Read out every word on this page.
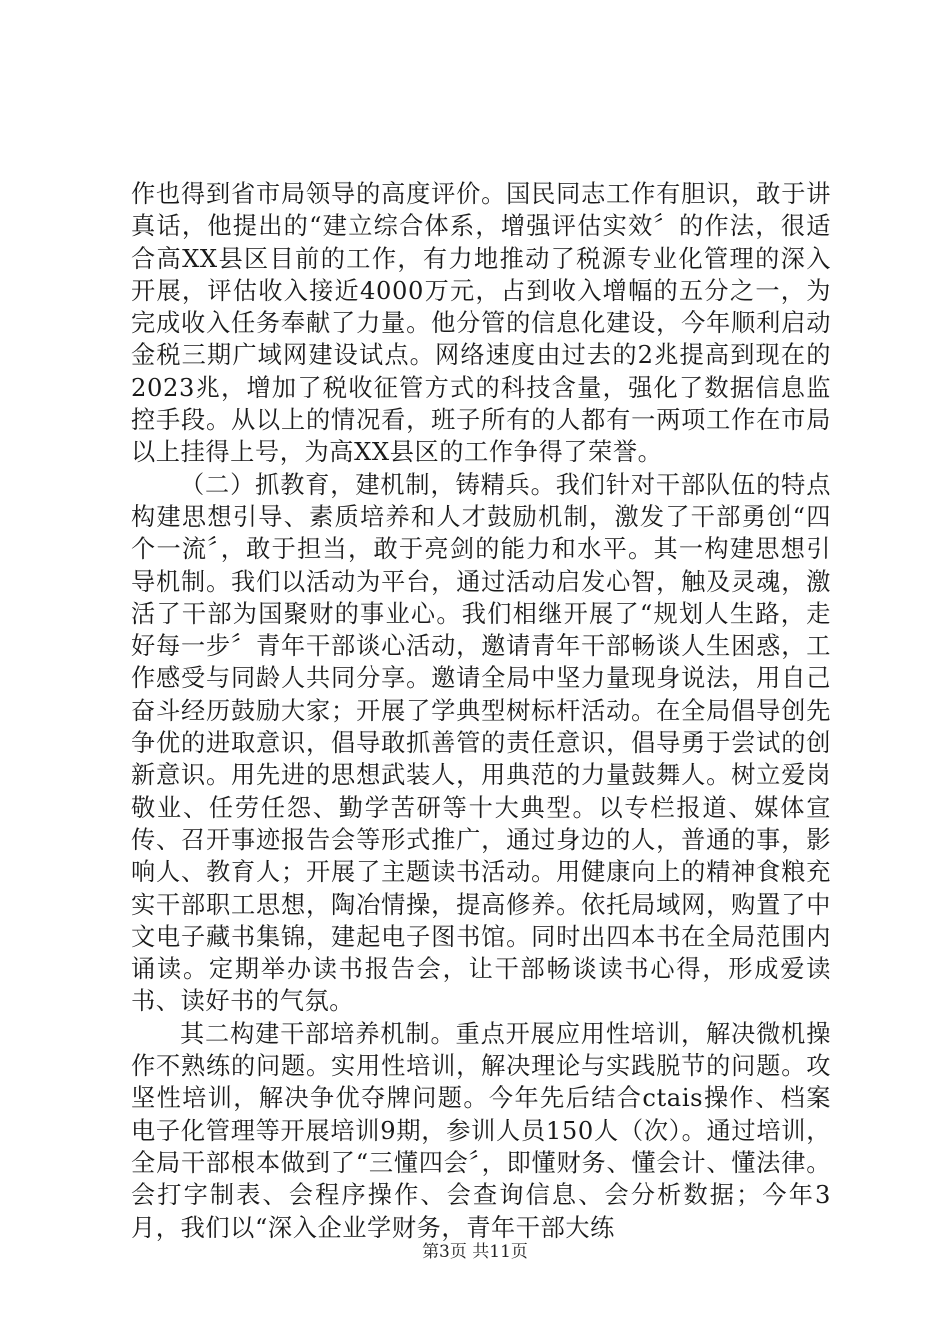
作也得到省市局领导的高度评价。国民同志工作有胆识，敢于讲真话，他提出的“建立综合体系，增强评估实效〞的作法，很适合高XX县区目前的工作，有力地推动了税源专业化管理的深入开展，评估收入接近4000万元，占到收入增幅的五分之一，为完成收入任务奉献了力量。他分管的信息化建设，今年顺利启动金税三期广域网建设试点。网络速度由过去的2兆提高到现在的2023兆，增加了税收征管方式的科技含量，强化了数据信息监控手段。从以上的情况看，班子所有的人都有一两项工作在市局以上挂得上号，为高XX县区的工作争得了荣誉。

（二）抓教育，建机制，铸精兵。我们针对干部队伍的特点构建思想引导、素质培养和人才鼓励机制，激发了干部勇创“四个一流〞，敢于担当，敢于亮剑的能力和水平。其一构建思想引导机制。我们以活动为平台，通过活动启发心智，触及灵魂，激活了干部为国聚财的事业心。我们相继开展了“规划人生路，走好每一步〞青年干部谈心活动，邀请青年干部畅谈人生困惑，工作感受与同龄人共同分享。邀请全局中坚力量现身说法，用自己奋斗经历鼓励大家；开展了学典型树标杆活动。在全局倡导创先争优的进取意识，倡导敢抓善管的责任意识，倡导勇于尝试的创新意识。用先进的思想武装人，用典范的力量鼓舞人。树立爱岗敬业、任劳任怨、勤学苦研等十大典型。以专栏报道、媒体宣传、召开事迹报告会等形式推广，通过身边的人，普通的事，影响人、教育人；开展了主题读书活动。用健康向上的精神食粮充实干部职工思想，陶冶情操，提高修养。依托局域网，购置了中文电子藏书集锦，建起电子图书馆。同时出四本书在全局范围内诵读。定期举办读书报告会，让干部畅谈读书心得，形成爱读书、读好书的气氛。

其二构建干部培养机制。重点开展应用性培训，解决微机操作不熟练的问题。实用性培训，解决理论与实践脱节的问题。攻坚性培训，解决争优夺牌问题。今年先后结合ctais操作、档案电子化管理等开展培训9期，参训人员150人（次）。通过培训，全局干部根本做到了“三懂四会〞，即懂财务、懂会计、懂法律。会打字制表、会程序操作、会查询信息、会分析数据；今年3月，我们以“深入企业学财务，青年干部大练

第3页 共11页
